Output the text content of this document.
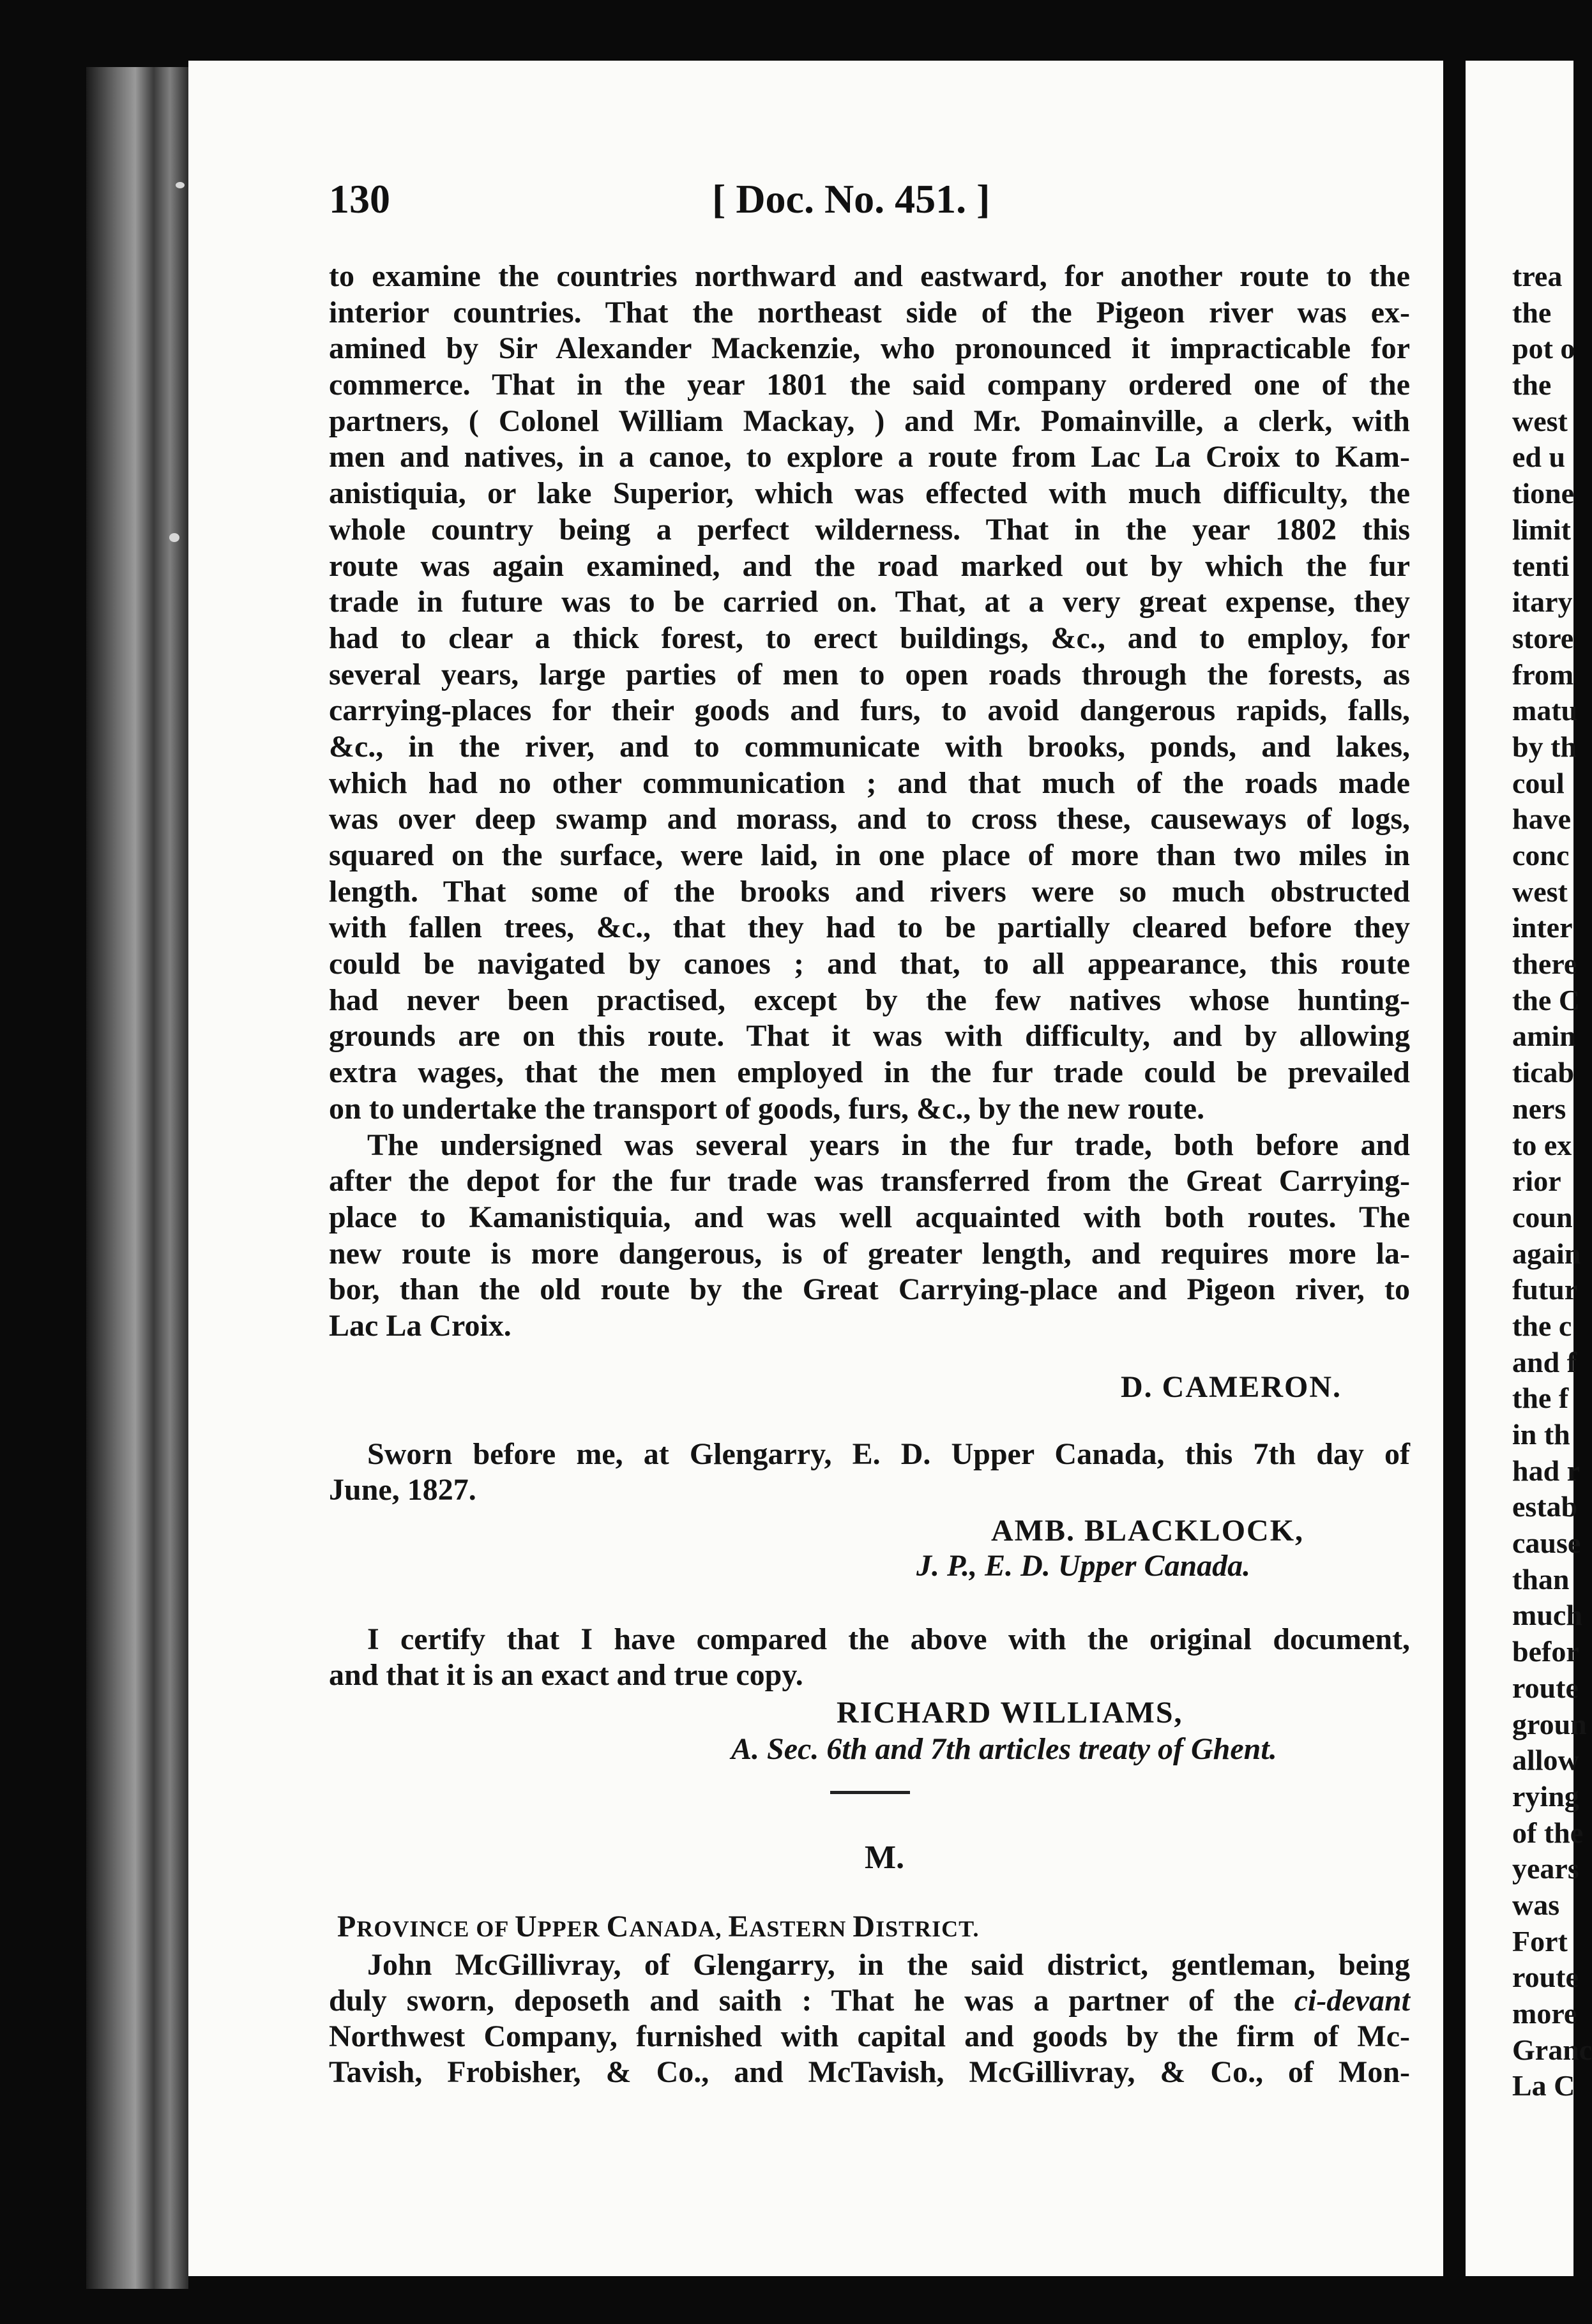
130	[ Doc. No. 451. ]
to examine the countries northward and eastward, for another route to the
interior countries. That the northeast side of the Pigeon river was ex-
amined by Sir Alexander Mackenzie, who pronounced it impracticable for
commerce. That in the year 1801 the said company ordered one of the
partners, ( Colonel William Mackay, ) and Mr. Pomainville, a clerk, with
men and natives, in a canoe, to explore a route from Lac La Croix to Kam-
anistiquia, or lake Superior, which was effected with much difficulty, the
whole country being a perfect wilderness. That in the year 1802 this
route was again examined, and the road marked out by which the fur
trade in future was to be carried on. That, at a very great expense, they
had to clear a thick forest, to erect buildings, &c., and to employ, for
several years, large parties of men to open roads through the forests, as
carrying-places for their goods and furs, to avoid dangerous rapids, falls,
&c., in the river, and to communicate with brooks, ponds, and lakes,
which had no other communication ; and that much of the roads made
was over deep swamp and morass, and to cross these, causeways of logs,
squared on the surface, were laid, in one place of more than two miles in
length. That some of the brooks and rivers were so much obstructed
with fallen trees, &c., that they had to be partially cleared before they
could be navigated by canoes ; and that, to all appearance, this route
had never been practised, except by the few natives whose hunting-
grounds are on this route. That it was with difficulty, and by allowing
extra wages, that the men employed in the fur trade could be prevailed
on to undertake the transport of goods, furs, &c., by the new route.
The undersigned was several years in the fur trade, both before and
after the depot for the fur trade was transferred from the Great Carrying-
place to Kamanistiquia, and was well acquainted with both routes. The
new route is more dangerous, is of greater length, and requires more la-
bor, than the old route by the Great Carrying-place and Pigeon river, to
Lac La Croix.
D. CAMERON.
Sworn before me, at Glengarry, E. D. Upper Canada, this 7th day of
June, 1827.
AMB. BLACKLOCK,
J. P., E. D. Upper Canada.
I certify that I have compared the above with the original document,
and that it is an exact and true copy.
RICHARD WILLIAMS,
A. Sec. 6th and 7th articles treaty of Ghent.
M.
PROVINCE OF UPPER CANADA, EASTERN DISTRICT.
John McGillivray, of Glengarry, in the said district, gentleman, being
duly sworn, deposeth and saith : That he was a partner of the ci-devant
Northwest Company, furnished with capital and goods by the firm of Mc-
Tavish, Frobisher, & Co., and McTavish, McGillivray, & Co., of Mon-
trea
the
pot o
the
west
ed u
tione
limit
tenti
itary
store
from
matu
by th
coul
have
conc
west
inter
there
the C
amin
ticab
ners
to ex
rior
coun
again
futur
the c
and f
the f
in th
had r
estab
cause
than
much
befor
route
groun
allow
rying
of the
years
was
Fort
route
more
Granc
La C
